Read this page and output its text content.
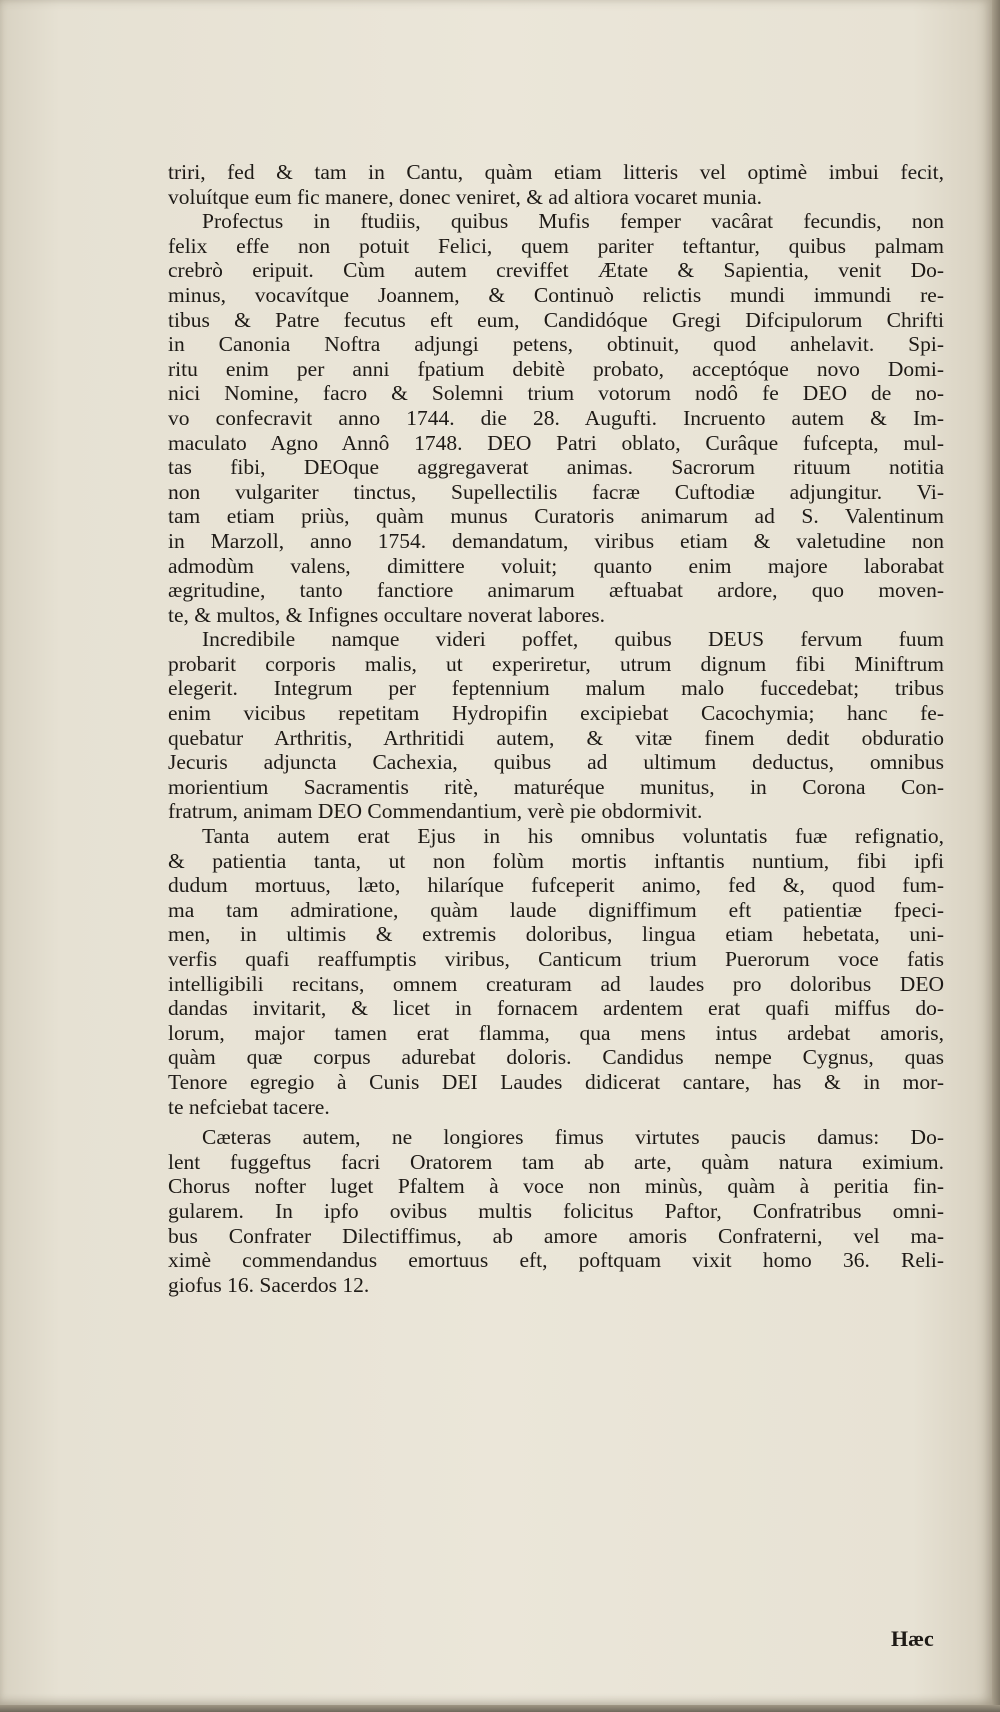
triri, fed & tam in Cantu, quàm etiam litteris vel optimè imbui fecit,
voluítque eum fic manere, donec veniret, & ad altiora vocaret munia.
Profectus in ftudiis, quibus Mufis femper vacârat fecundis, non
felix effe non potuit Felici, quem pariter teftantur, quibus palmam
crebrò eripuit. Cùm autem creviffet Ætate & Sapientia, venit Do-
minus, vocavítque Joannem, & Continuò relictis mundi immundi re-
tibus & Patre fecutus eft eum, Candidóque Gregi Difcipulorum Chrifti
in Canonia Noftra adjungi petens, obtinuit, quod anhelavit. Spi-
ritu enim per anni fpatium debitè probato, acceptóque novo Domi-
nici Nomine, facro & Solemni trium votorum nodô fe DEO de no-
vo confecravit anno 1744. die 28. Augufti. Incruento autem & Im-
maculato Agno Annô 1748. DEO Patri oblato, Curâque fufcepta, mul-
tas fibi, DEOque aggregaverat animas. Sacrorum rituum notitia
non vulgariter tinctus, Supellectilis facræ Cuftodiæ adjungitur. Vi-
tam etiam priùs, quàm munus Curatoris animarum ad S. Valentinum
in Marzoll, anno 1754. demandatum, viribus etiam & valetudine non
admodùm valens, dimittere voluit; quanto enim majore laborabat
ægritudine, tanto fanctiore animarum æftuabat ardore, quo moven-
te, & multos, & Infignes occultare noverat labores.
Incredibile namque videri poffet, quibus DEUS fervum fuum
probarit corporis malis, ut experiretur, utrum dignum fibi Miniftrum
elegerit. Integrum per feptennium malum malo fuccedebat; tribus
enim vicibus repetitam Hydropifin excipiebat Cacochymia; hanc fe-
quebatur Arthritis, Arthritidi autem, & vitæ finem dedit obduratio
Jecuris adjuncta Cachexia, quibus ad ultimum deductus, omnibus
morientium Sacramentis ritè, maturéque munitus, in Corona Con-
fratrum, animam DEO Commendantium, verè pie obdormivit.
Tanta autem erat Ejus in his omnibus voluntatis fuæ refignatio,
& patientia tanta, ut non folùm mortis inftantis nuntium, fibi ipfi
dudum mortuus, læto, hilaríque fufceperit animo, fed &, quod fum-
ma tam admiratione, quàm laude digniffimum eft patientiæ fpeci-
men, in ultimis & extremis doloribus, lingua etiam hebetata, uni-
verfis quafi reaffumptis viribus, Canticum trium Puerorum voce fatis
intelligibili recitans, omnem creaturam ad laudes pro doloribus DEO
dandas invitarit, & licet in fornacem ardentem erat quafi miffus do-
lorum, major tamen erat flamma, qua mens intus ardebat amoris,
quàm quæ corpus adurebat doloris. Candidus nempe Cygnus, quas
Tenore egregio à Cunis DEI Laudes didicerat cantare, has & in mor-
te nefciebat tacere.
Cæteras autem, ne longiores fimus virtutes paucis damus: Do-
lent fuggeftus facri Oratorem tam ab arte, quàm natura eximium.
Chorus nofter luget Pfaltem à voce non minùs, quàm à peritia fin-
gularem. In ipfo ovibus multis folicitus Paftor, Confratribus omni-
bus Confrater Dilectiffimus, ab amore amoris Confraterni, vel ma-
ximè commendandus emortuus eft, poftquam vixit homo 36. Reli-
giofus 16. Sacerdos 12.
Hæc
